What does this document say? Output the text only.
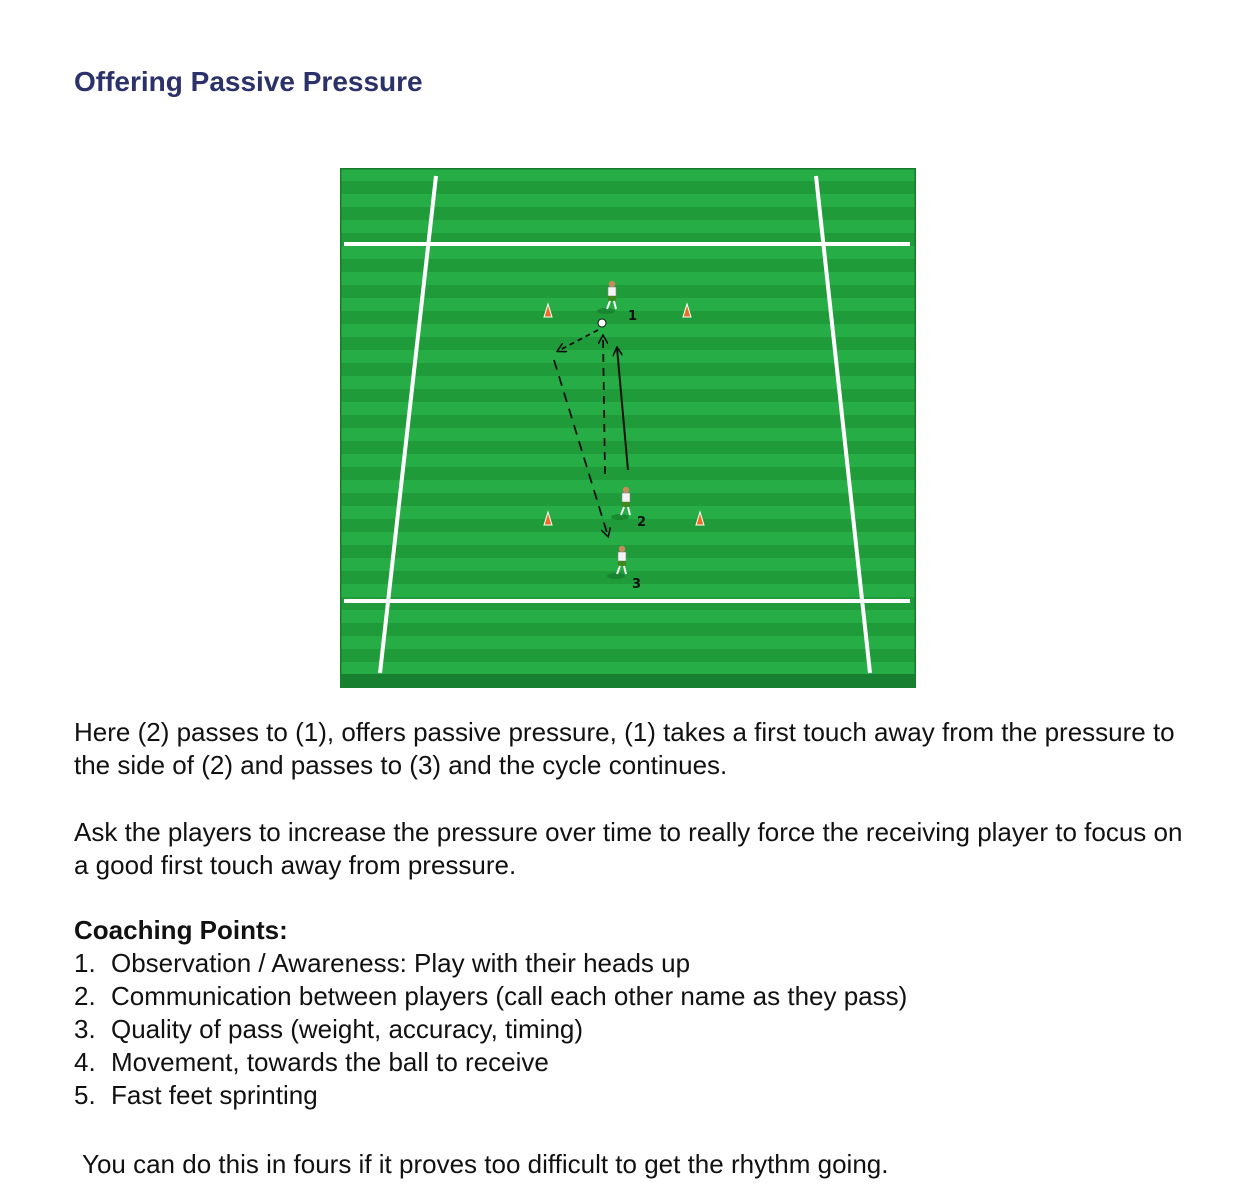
Offering Passive Pressure
1
2
3

Here (2) passes to (1), offers passive pressure, (1) takes a first touch away from the pressure to the side of (2) and passes to (3) and the cycle continues.

Ask the players to increase the pressure over time to really force the receiving player to focus on a good first touch away from pressure.

Coaching Points:
1. Observation / Awareness: Play with their heads up
2. Communication between players (call each other name as they pass)
3. Quality of pass (weight, accuracy, timing)
4. Movement, towards the ball to receive
5. Fast feet sprinting

You can do this in fours if it proves too difficult to get the rhythm going.
